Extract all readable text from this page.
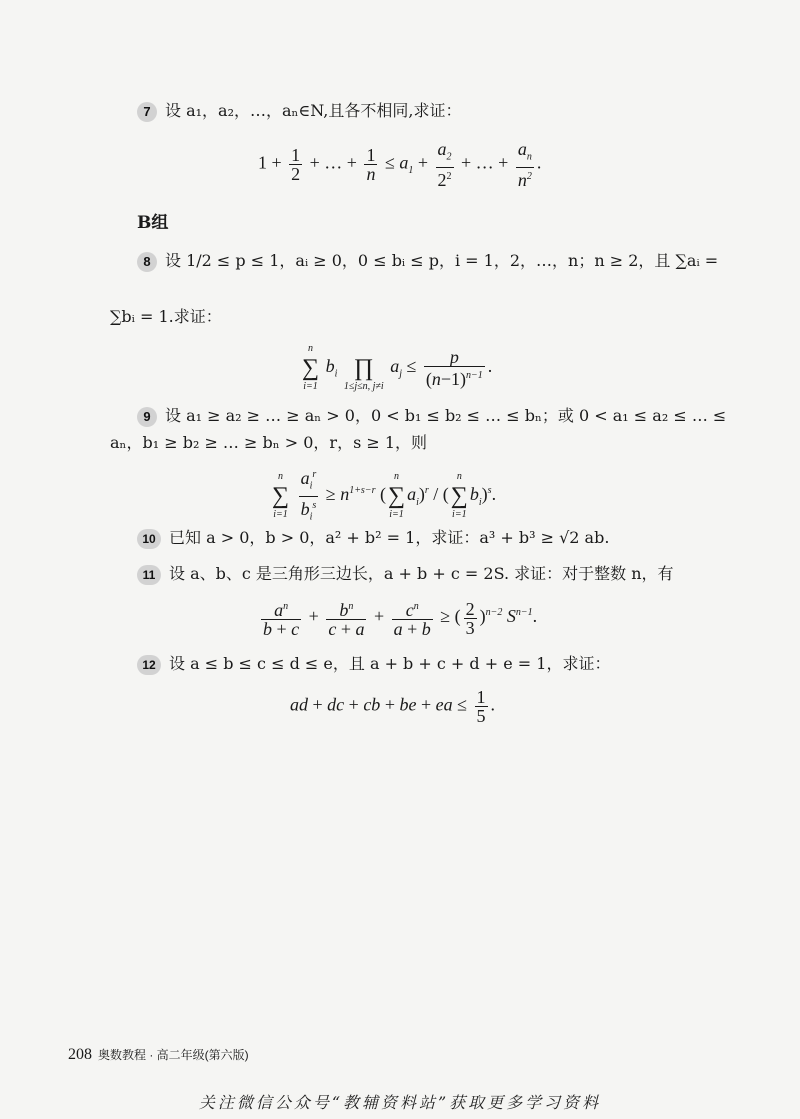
7 设 a₁，a₂，…，aₙ∈N,且各不相同,求证：
$1 + \frac{1}{2}$ + … + $\frac{1}{n} \le a_1 + \frac{a_2}{2^2}$ + … + $\frac{a_n}{n^2}$ .
B组
8 设 1/2 ≤ p ≤ 1，aᵢ ≥ 0，0 ≤ bᵢ ≤ p，i = 1，2，…，n；n ≥ 2，且 ∑aᵢ =
∑bᵢ = 1.求证：
n
∑
i=1
$b_i$
∏
1≤j≤n, j≠i
$a_j \le \frac{p}{(n-1)^{n-1}}$ .
9 设 a₁ ≥ a₂ ≥ … ≥ aₙ > 0，0 < b₁ ≤ b₂ ≤ … ≤ bₙ；或 0 < a₁ ≤ a₂ ≤ … ≤
aₙ，b₁ ≥ b₂ ≥ … ≥ bₙ > 0，r，s ≥ 1，则
n
∑
i=1
$\frac{a_i^r}{b_i^s} \ge n^{1+s-r}$ (
n
∑
i=1
$a_i)^r$ / (
n
∑
i=1
$b_i)^s$.
10 已知 a > 0，b > 0，a² + b² = 1，求证：a³ + b³ ≥ √2 ab.
11 设 a、b、c 是三角形三边长，a + b + c = 2S. 求证：对于整数 n，有
$\frac{a^n}{b + c} + \frac{b^n}{c + a} + \frac{c^n}{a + b}$ ≥ ( $\frac{2}{3} )^{n-2}$ $S^{n-1}$.
12 设 a ≤ b ≤ c ≤ d ≤ e，且 a + b + c + d + e = 1，求证：
ad + dc + cb + be + ea ≤ $\frac{1}{5}$ .
208 奥数教程 · 高二年级(第六版)
关注微信公众号“教辅资料站”获取更多学习资料
